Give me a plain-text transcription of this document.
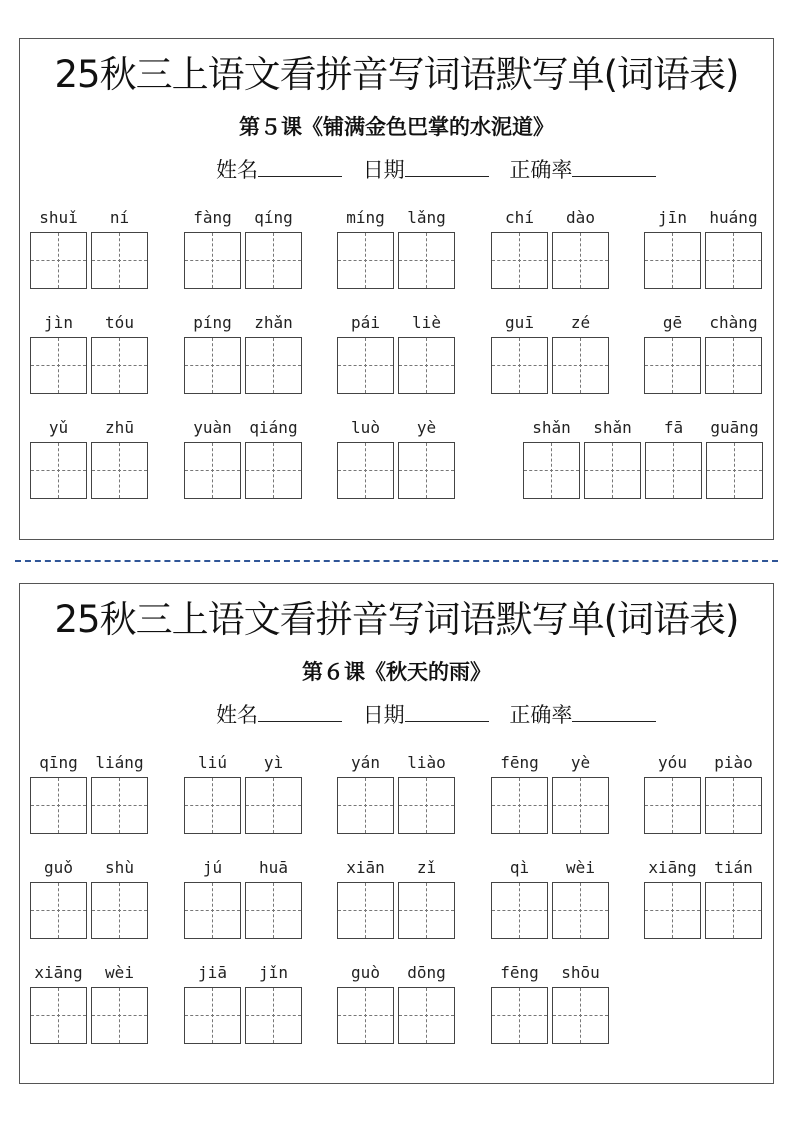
25秋三上语文看拼音写词语默写单(词语表)
第５课《铺满金色巴掌的水泥道》
姓名	日期	正确率
shuǐ	ní	fàng	qíng	míng	lǎng	chí	dào	jīn	huáng
jìn	tóu	píng	zhǎn	pái	liè	guī	zé	gē	chàng
yǔ	zhū	yuàn	qiáng	luò	yè	shǎn	shǎn	fā	guāng
25秋三上语文看拼音写词语默写单(词语表)
第６课《秋天的雨》
姓名	日期	正确率
qīng	liáng	liú	yì	yán	liào	fēng	yè	yóu	piào
guǒ	shù	jú	huā	xiān	zǐ	qì	wèi	xiāng	tián
xiāng	wèi	jiā	jǐn	guò	dōng	fēng	shōu
